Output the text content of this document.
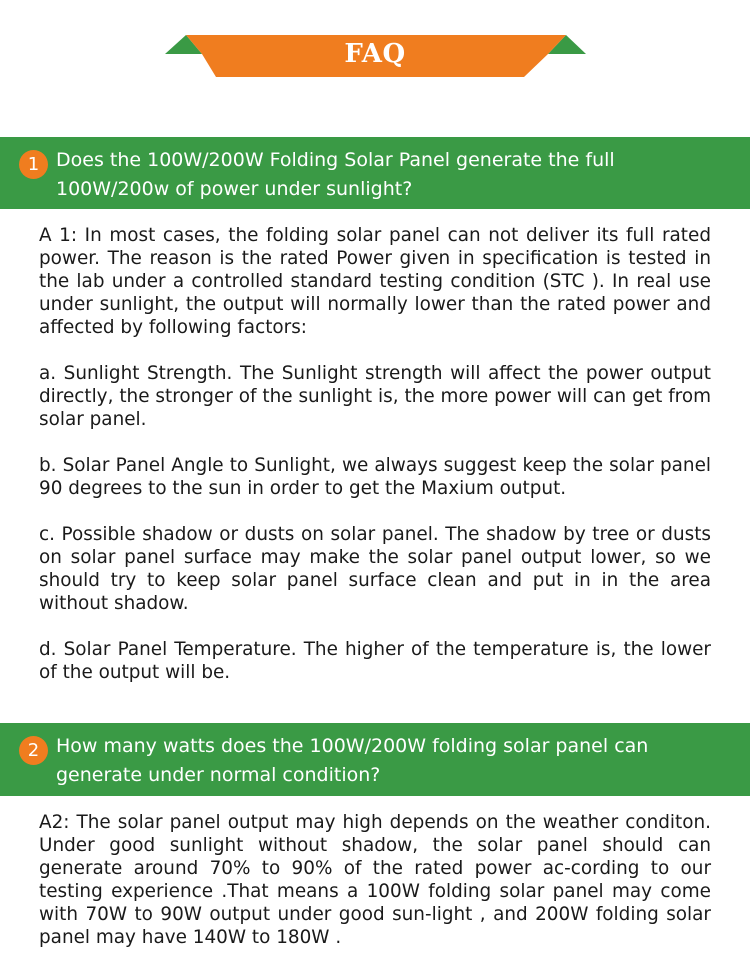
FAQ
1 Does the 100W/200W Folding Solar Panel generate the full 100W/200w of power under sunlight?

A 1: In most cases, the folding solar panel can not deliver its full rated power. The reason is the rated Power given in specification is tested in the lab under a controlled standard testing condition (STC ). In real use under sunlight, the output will normally lower than the rated power and affected by following factors:

a. Sunlight Strength. The Sunlight strength will affect the power output directly, the stronger of the sunlight is, the more power will can get from solar panel.

b. Solar Panel Angle to Sunlight, we always suggest keep the solar panel 90 degrees to the sun in order to get the Maxium output.

c. Possible shadow or dusts on solar panel. The shadow by tree or dusts on solar panel surface may make the solar panel output lower, so we should try to keep solar panel surface clean and put in in the area without shadow.

d. Solar Panel Temperature. The higher of the temperature is, the lower of the output will be.

2 How many watts does the 100W/200W folding solar panel can generate under normal condition?

A2: The solar panel output may high depends on the weather conditon. Under good sunlight without shadow, the solar panel should can generate around 70% to 90% of the rated power ac-cording to our testing experience .That means a 100W folding solar panel may come with 70W to 90W output under good sun-light , and 200W folding solar panel may have 140W to 180W .
